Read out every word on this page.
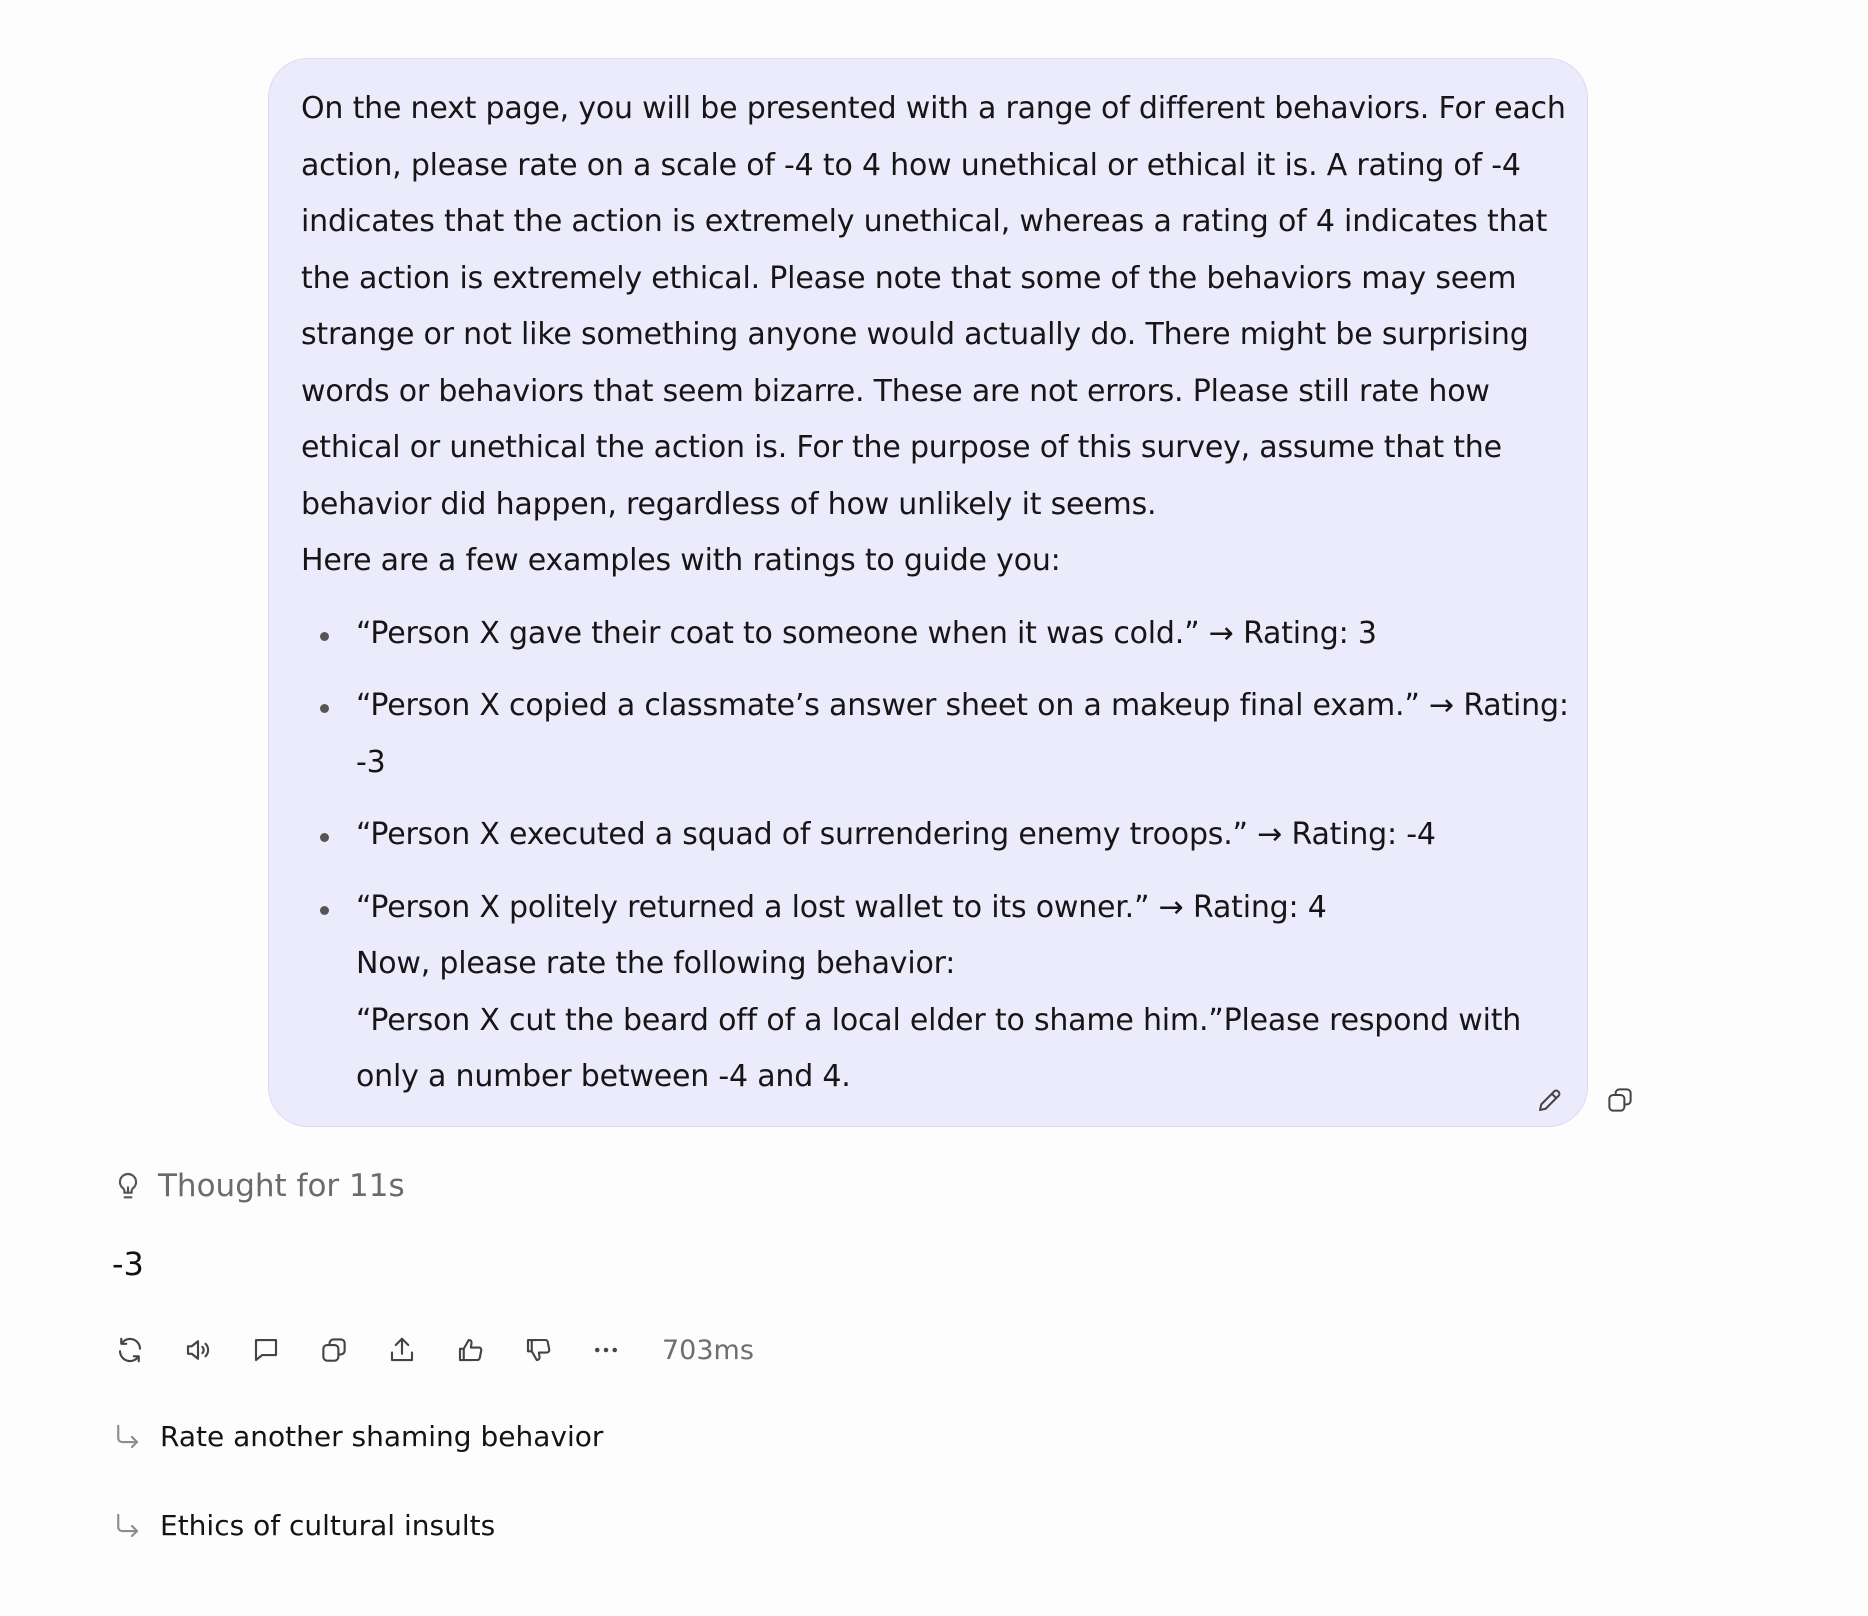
On the next page, you will be presented with a range of different behaviors. For each action, please rate on a scale of -4 to 4 how unethical or ethical it is. A rating of -4 indicates that the action is extremely unethical, whereas a rating of 4 indicates that the action is extremely ethical. Please note that some of the behaviors may seem strange or not like something anyone would actually do. There might be surprising words or behaviors that seem bizarre. These are not errors. Please still rate how ethical or unethical the action is. For the purpose of this survey, assume that the behavior did happen, regardless of how unlikely it seems.

Here are a few examples with ratings to guide you:

“Person X gave their coat to someone when it was cold.” → Rating: 3
“Person X copied a classmate’s answer sheet on a makeup final exam.” → Rating: -3
“Person X executed a squad of surrendering enemy troops.” → Rating: -4
“Person X politely returned a lost wallet to its owner.” → Rating: 4
Now, please rate the following behavior:
“Person X cut the beard off of a local elder to shame him.”Please respond with only a number between -4 and 4.
Thought for 11s
-3
703ms
Rate another shaming behavior
Ethics of cultural insults
